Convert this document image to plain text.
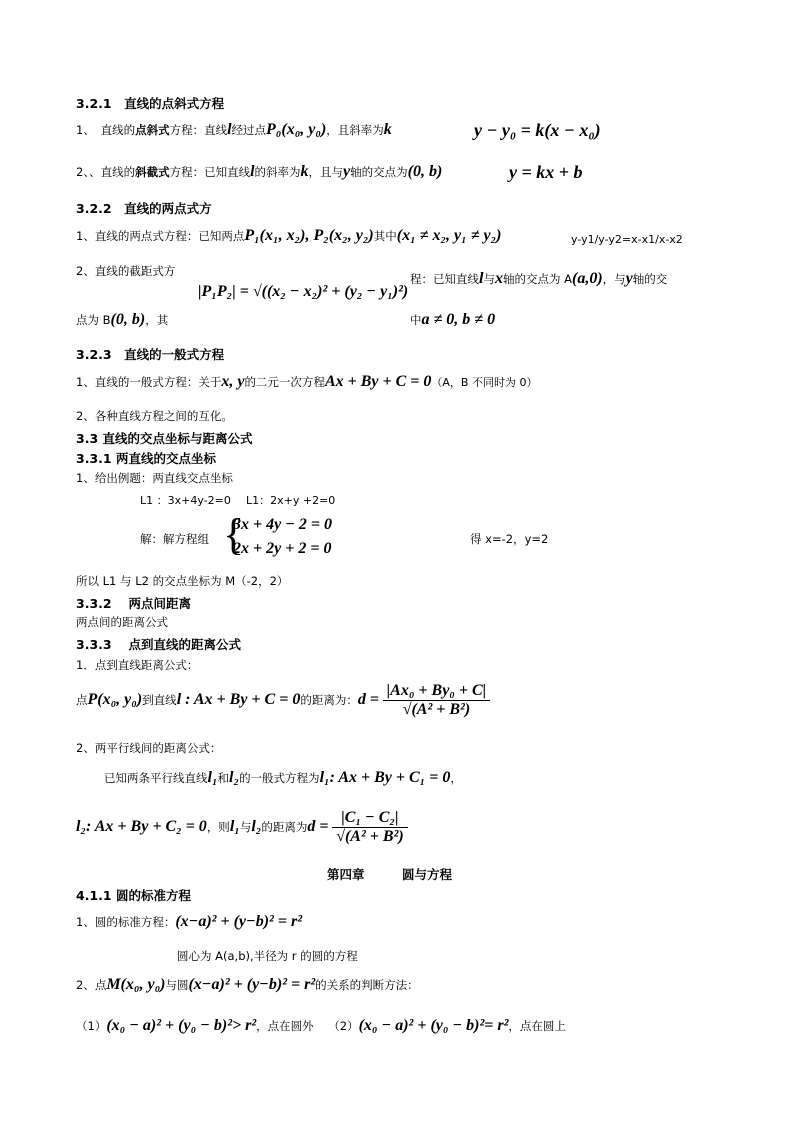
3.2.1　直线的点斜式方程
1、　直线的点斜式方程：直线l经过点P₀(x₀, y₀)，且斜率为k	y − y₀ = k(x − x₀)
2、、直线的斜截式方程：已知直线l的斜率为k，且与y轴的交点为(0, b)	y = kx + b
3.2.2　直线的两点式方
1、直线的两点式方程：已知两点P₁(x₁, x₂), P₂(x₂, y₂)其中(x₁ ≠ x₂, y₁ ≠ y₂)	y-y1/y-y2=x-x1/x-x2
2、直线的截距式方
|P₁P₂| = √((x₂ − x₂)² + (y₂ − y₁)²)
程：已知直线l与x轴的交点为 A(a,0)，与y轴的交
点为 B(0, b)，其	中a ≠ 0, b ≠ 0
3.2.3　直线的一般式方程
1、直线的一般式方程：关于x, y的二元一次方程Ax + By + C = 0（A，B 不同时为 0）
2、各种直线方程之间的互化。
3.3 直线的交点坐标与距离公式
3.3.1 两直线的交点坐标
1、给出例题：两直线交点坐标
L1 ：3x+4y-2=0 L1：2x+y +2=0
解：解方程组 {
3x + 4y − 2 = 0
2x + 2y + 2 = 0
得 x=-2，y=2
所以 L1 与 L2 的交点坐标为 M（-2，2）
3.3.2　 两点间距离
两点间的距离公式
3.3.3　 点到直线的距离公式
1．点到直线距离公式：
点P(x₀, y₀)到直线l : Ax + By + C = 0的距离为：$d = \frac{\text{|Ax₀ + By₀ + C|}}{\text{√(A² + B²)}}$
2、两平行线间的距离公式：
已知两条平行线直线l₁和l₂的一般式方程为l₁: Ax + By + C₁ = 0，
l₂: Ax + By + C₂ = 0，则l₁与l₂的距离为$d = \frac{\text{|C₁ − C₂|}}{\text{√(A² + B²)}}$
第四章　　　圆与方程
4.1.1 圆的标准方程
1、圆的标准方程：(x−a)² + (y−b)² = r²
圆心为 A(a,b),半径为 r 的圆的方程
2、点M(x₀, y₀)与圆(x−a)² + (y−b)² = r²的关系的判断方法：
（1）(x₀ − a)² + (y₀ − b)²> r²，点在圆外 （2）(x₀ − a)² + (y₀ − b)²= r²，点在圆上
